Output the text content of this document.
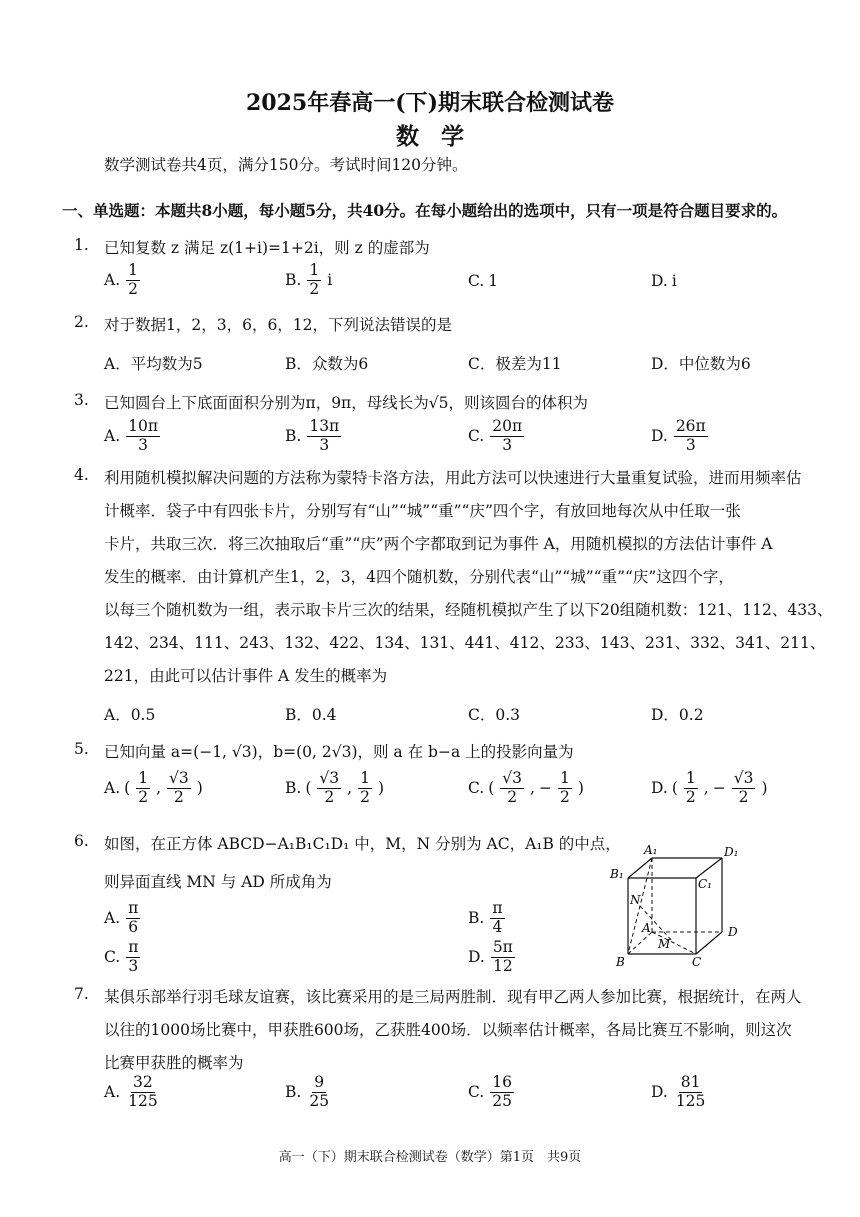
2025年春高一(下)期末联合检测试卷
数学
数学测试卷共4页，满分150分。考试时间120分钟。
一、单选题：本题共8小题，每小题5分，共40分。在每小题给出的选项中，只有一项是符合题目要求的。
1. 已知复数 z 满足 z(1+i)=1+2i，则 z 的虚部为
A. $\frac{1}{2}$	B. $\frac{1}{2}$ i	C. 1	D. i
2. 对于数据1，2，3，6，6，12，下列说法错误的是
A．平均数为5	B．众数为6	C．极差为11	D．中位数为6
3. 已知圆台上下底面面积分别为π，9π，母线长为√5，则该圆台的体积为
A. $\frac{10\pi}{3}$	B. $\frac{13\pi}{3}$	C. $\frac{20\pi}{3}$	D. $\frac{26\pi}{3}$
4. 利用随机模拟解决问题的方法称为蒙特卡洛方法，用此方法可以快速进行大量重复试验，进而用频率估
计概率．袋子中有四张卡片，分别写有“山”“城”“重”“庆”四个字，有放回地每次从中任取一张
卡片，共取三次．将三次抽取后“重”“庆”两个字都取到记为事件 A，用随机模拟的方法估计事件 A
发生的概率．由计算机产生1，2，3，4四个随机数，分别代表“山”“城”“重”“庆”这四个字，
以每三个随机数为一组，表示取卡片三次的结果，经随机模拟产生了以下20组随机数：121、112、433、
142、234、111、243、132、422、134、131、441、412、233、143、231、332、341、211、
221，由此可以估计事件 A 发生的概率为
A．0.5	B．0.4	C．0.3	D．0.2
5. 已知向量 a=(−1, √3)，b=(0, 2√3)，则 a 在 b−a 上的投影向量为
A. ( $\frac{1}{2}$ , $\frac{√3}{2}$ )	B. ( $\frac{√3}{2}$ , $\frac{1}{2}$ )	C. ( $\frac{√3}{2}$ , − $\frac{1}{2}$ )	D. ( $\frac{1}{2}$ , − $\frac{√3}{2}$ )
6. 如图，在正方体 ABCD−A₁B₁C₁D₁ 中，M，N 分别为 AC，A₁B 的中点，
则异面直线 MN 与 AD 所成角为
A. $\frac{\pi}{6}$	B. $\frac{\pi}{4}$
C. $\frac{\pi}{3}$	D. $\frac{5\pi}{12}$
A₁	D₁
B₁
C₁
N
A
M
D
B	C
7. 某俱乐部举行羽毛球友谊赛，该比赛采用的是三局两胜制．现有甲乙两人参加比赛，根据统计，在两人
以往的1000场比赛中，甲获胜600场，乙获胜400场．以频率估计概率，各局比赛互不影响，则这次
比赛甲获胜的概率为
A. $\frac{32}{125}$	B. $\frac{9}{25}$	C. $\frac{16}{25}$	D. $\frac{81}{125}$
高一（下）期末联合检测试卷（数学）第1页　共9页
